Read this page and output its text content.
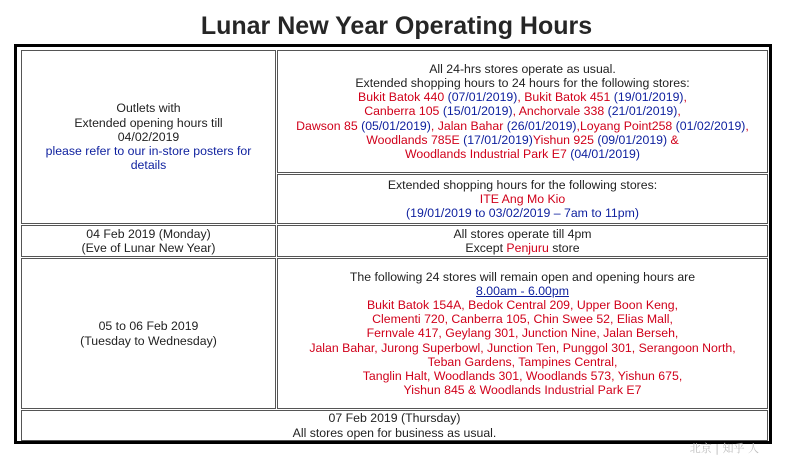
Lunar New Year Operating Hours
Outlets with
Extended opening hours till
04/02/2019
please refer to our in-store posters for details
All 24-hrs stores operate as usual.
Extended shopping hours to 24 hours for the following stores:
Bukit Batok 440 (07/01/2019), Bukit Batok 451 (19/01/2019),
Canberra 105 (15/01/2019), Anchorvale 338 (21/01/2019),
Dawson 85 (05/01/2019), Jalan Bahar (26/01/2019),Loyang Point258 (01/02/2019),
Woodlands 785E (17/01/2019)Yishun 925 (09/01/2019) &
Woodlands Industrial Park E7 (04/01/2019)
Extended shopping hours for the following stores:
ITE Ang Mo Kio
(19/01/2019 to 03/02/2019 – 7am to 11pm)
04 Feb 2019 (Monday)
(Eve of Lunar New Year)
All stores operate till 4pm
Except Penjuru store
05 to 06 Feb 2019
(Tuesday to Wednesday)
The following 24 stores will remain open and opening hours are
8.00am - 6.00pm
Bukit Batok 154A, Bedok Central 209, Upper Boon Keng,
Clementi 720, Canberra 105, Chin Swee 52, Elias Mall,
Fernvale 417, Geylang 301, Junction Nine, Jalan Berseh,
Jalan Bahar, Jurong Superbowl, Junction Ten, Punggol 301, Serangoon North,
Teban Gardens, Tampines Central,
Tanglin Halt, Woodlands 301, Woodlands 573, Yishun 675,
Yishun 845 & Woodlands Industrial Park E7
07 Feb 2019 (Thursday)
All stores open for business as usual.
北京 | 知乎 人
